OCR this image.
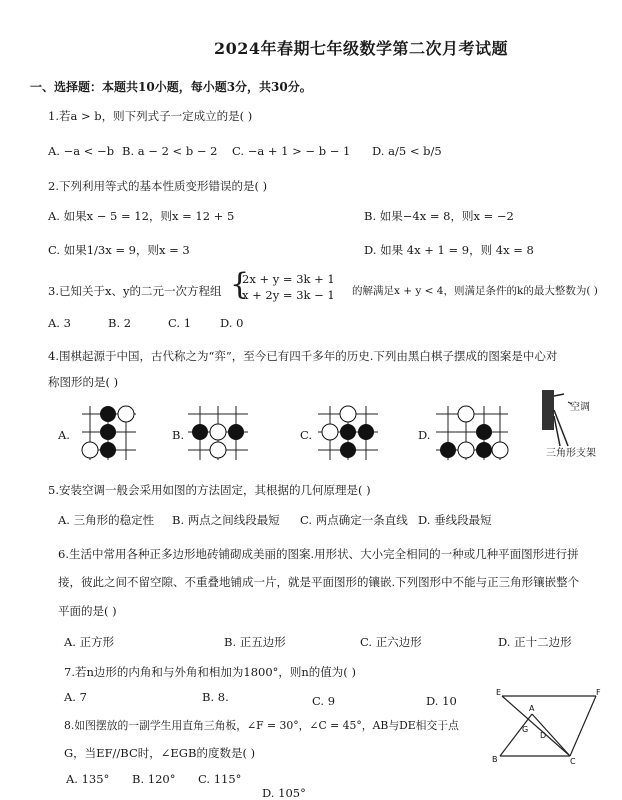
2024年春期七年级数学第二次月考试题
一、选择题：本题共10小题，每小题3分，共30分。
1.若a > b，则下列式子一定成立的是( )
A. −a < −b B. a − 2 < b − 2 C. −a + 1 > − b − 1 D. a/5 < b/5
2.下列利用等式的基本性质变形错误的是( )
A. 如果x − 5 = 12，则x = 12 + 5	B. 如果−4x = 8，则x = −2
C. 如果1/3x = 9，则x = 3	D. 如果 4x + 1 = 9，则 4x = 8
3.已知关于x、y的二元一次方程组 {
2x + y = 3k + 1
x + 2y = 3k − 1 的解满足x + y < 4，则满足条件的k的最大整数为( )
A. 3	B. 2	C. 1	D. 0
4.围棋起源于中国，古代称之为“弈”，至今已有四千多年的历史.下列由黑白棋子摆成的图案是中心对
称图形的是( )
A.	B.	C.	D.
空调
三角形支架
5.安装空调一般会采用如图的方法固定，其根据的几何原理是( )
A. 三角形的稳定性 B. 两点之间线段最短 C. 两点确定一条直线 D. 垂线段最短
6.生活中常用各种正多边形地砖铺砌成美丽的图案.用形状、大小完全相同的一种或几种平面图形进行拼
接，彼此之间不留空隙、不重叠地铺成一片，就是平面图形的镶嵌.下列图形中不能与正三角形镶嵌整个
平面的是( )
A. 正方形	B. 正五边形	C. 正六边形	D. 正十二边形
7.若n边形的内角和与外角和相加为1800°，则n的值为( )
A. 7	B. 8.	C. 9	D. 10
8.如图摆放的一副学生用直角三角板，∠F = 30°，∠C = 45°，AB与DE相交于点
G，当EF//BC时，∠EGB的度数是( )
A. 135° B. 120° C. 115°
D. 105°
E	F
A
G
D
B	C
